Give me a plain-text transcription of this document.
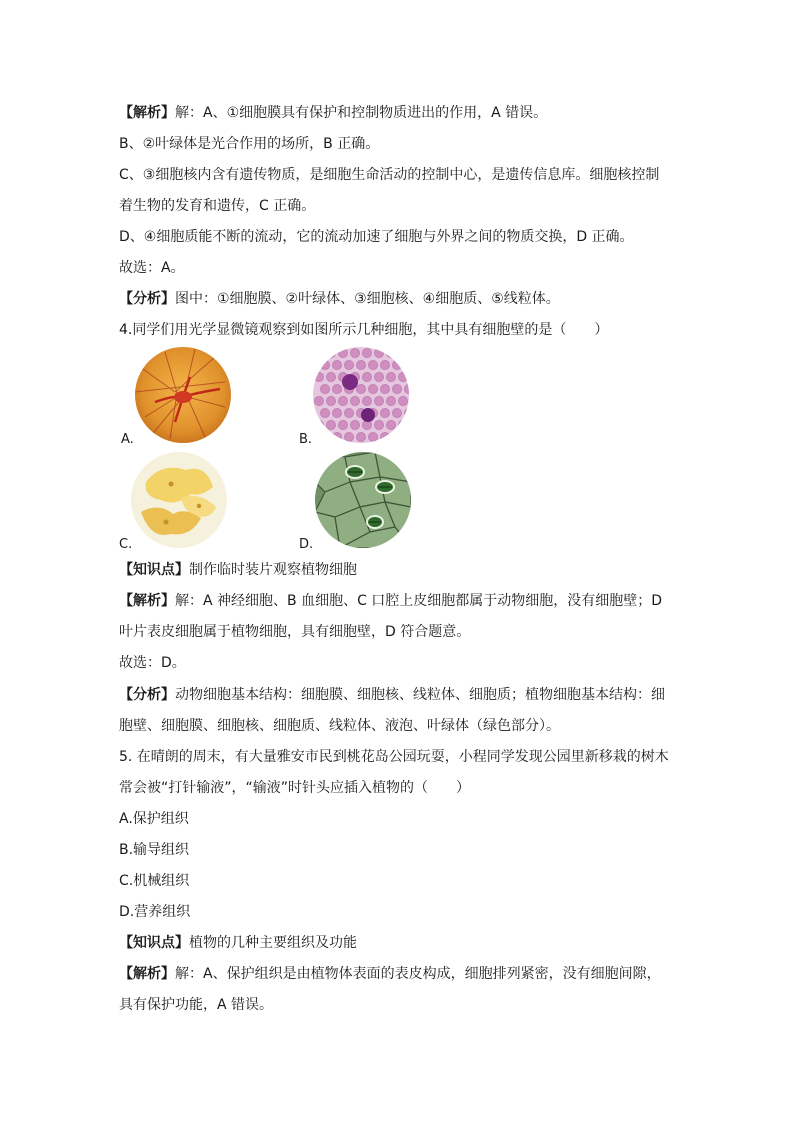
【解析】解：A、①细胞膜具有保护和控制物质进出的作用，A 错误。
B、②叶绿体是光合作用的场所，B 正确。
C、③细胞核内含有遗传物质，是细胞生命活动的控制中心，是遗传信息库。细胞核控制
着生物的发育和遗传，C 正确。
D、④细胞质能不断的流动，它的流动加速了细胞与外界之间的物质交换，D 正确。
故选：A。
【分析】图中：①细胞膜、②叶绿体、③细胞核、④细胞质、⑤线粒体。
4.同学们用光学显微镜观察到如图所示几种细胞，其中具有细胞壁的是（　　）
A.	B.
C.	D.
【知识点】制作临时装片观察植物细胞
【解析】解：A 神经细胞、B 血细胞、C 口腔上皮细胞都属于动物细胞，没有细胞壁；D
叶片表皮细胞属于植物细胞，具有细胞壁，D 符合题意。
故选：D。
【分析】动物细胞基本结构：细胞膜、细胞核、线粒体、细胞质；植物细胞基本结构：细
胞壁、细胞膜、细胞核、细胞质、线粒体、液泡、叶绿体（绿色部分）。
5. 在晴朗的周末，有大量雅安市民到桃花岛公园玩耍，小程同学发现公园里新移栽的树木
常会被“打针输液”，“输液”时针头应插入植物的（　　）
A.保护组织
B.输导组织
C.机械组织
D.营养组织
【知识点】植物的几种主要组织及功能
【解析】解：A、保护组织是由植物体表面的表皮构成，细胞排列紧密，没有细胞间隙，
具有保护功能，A 错误。
